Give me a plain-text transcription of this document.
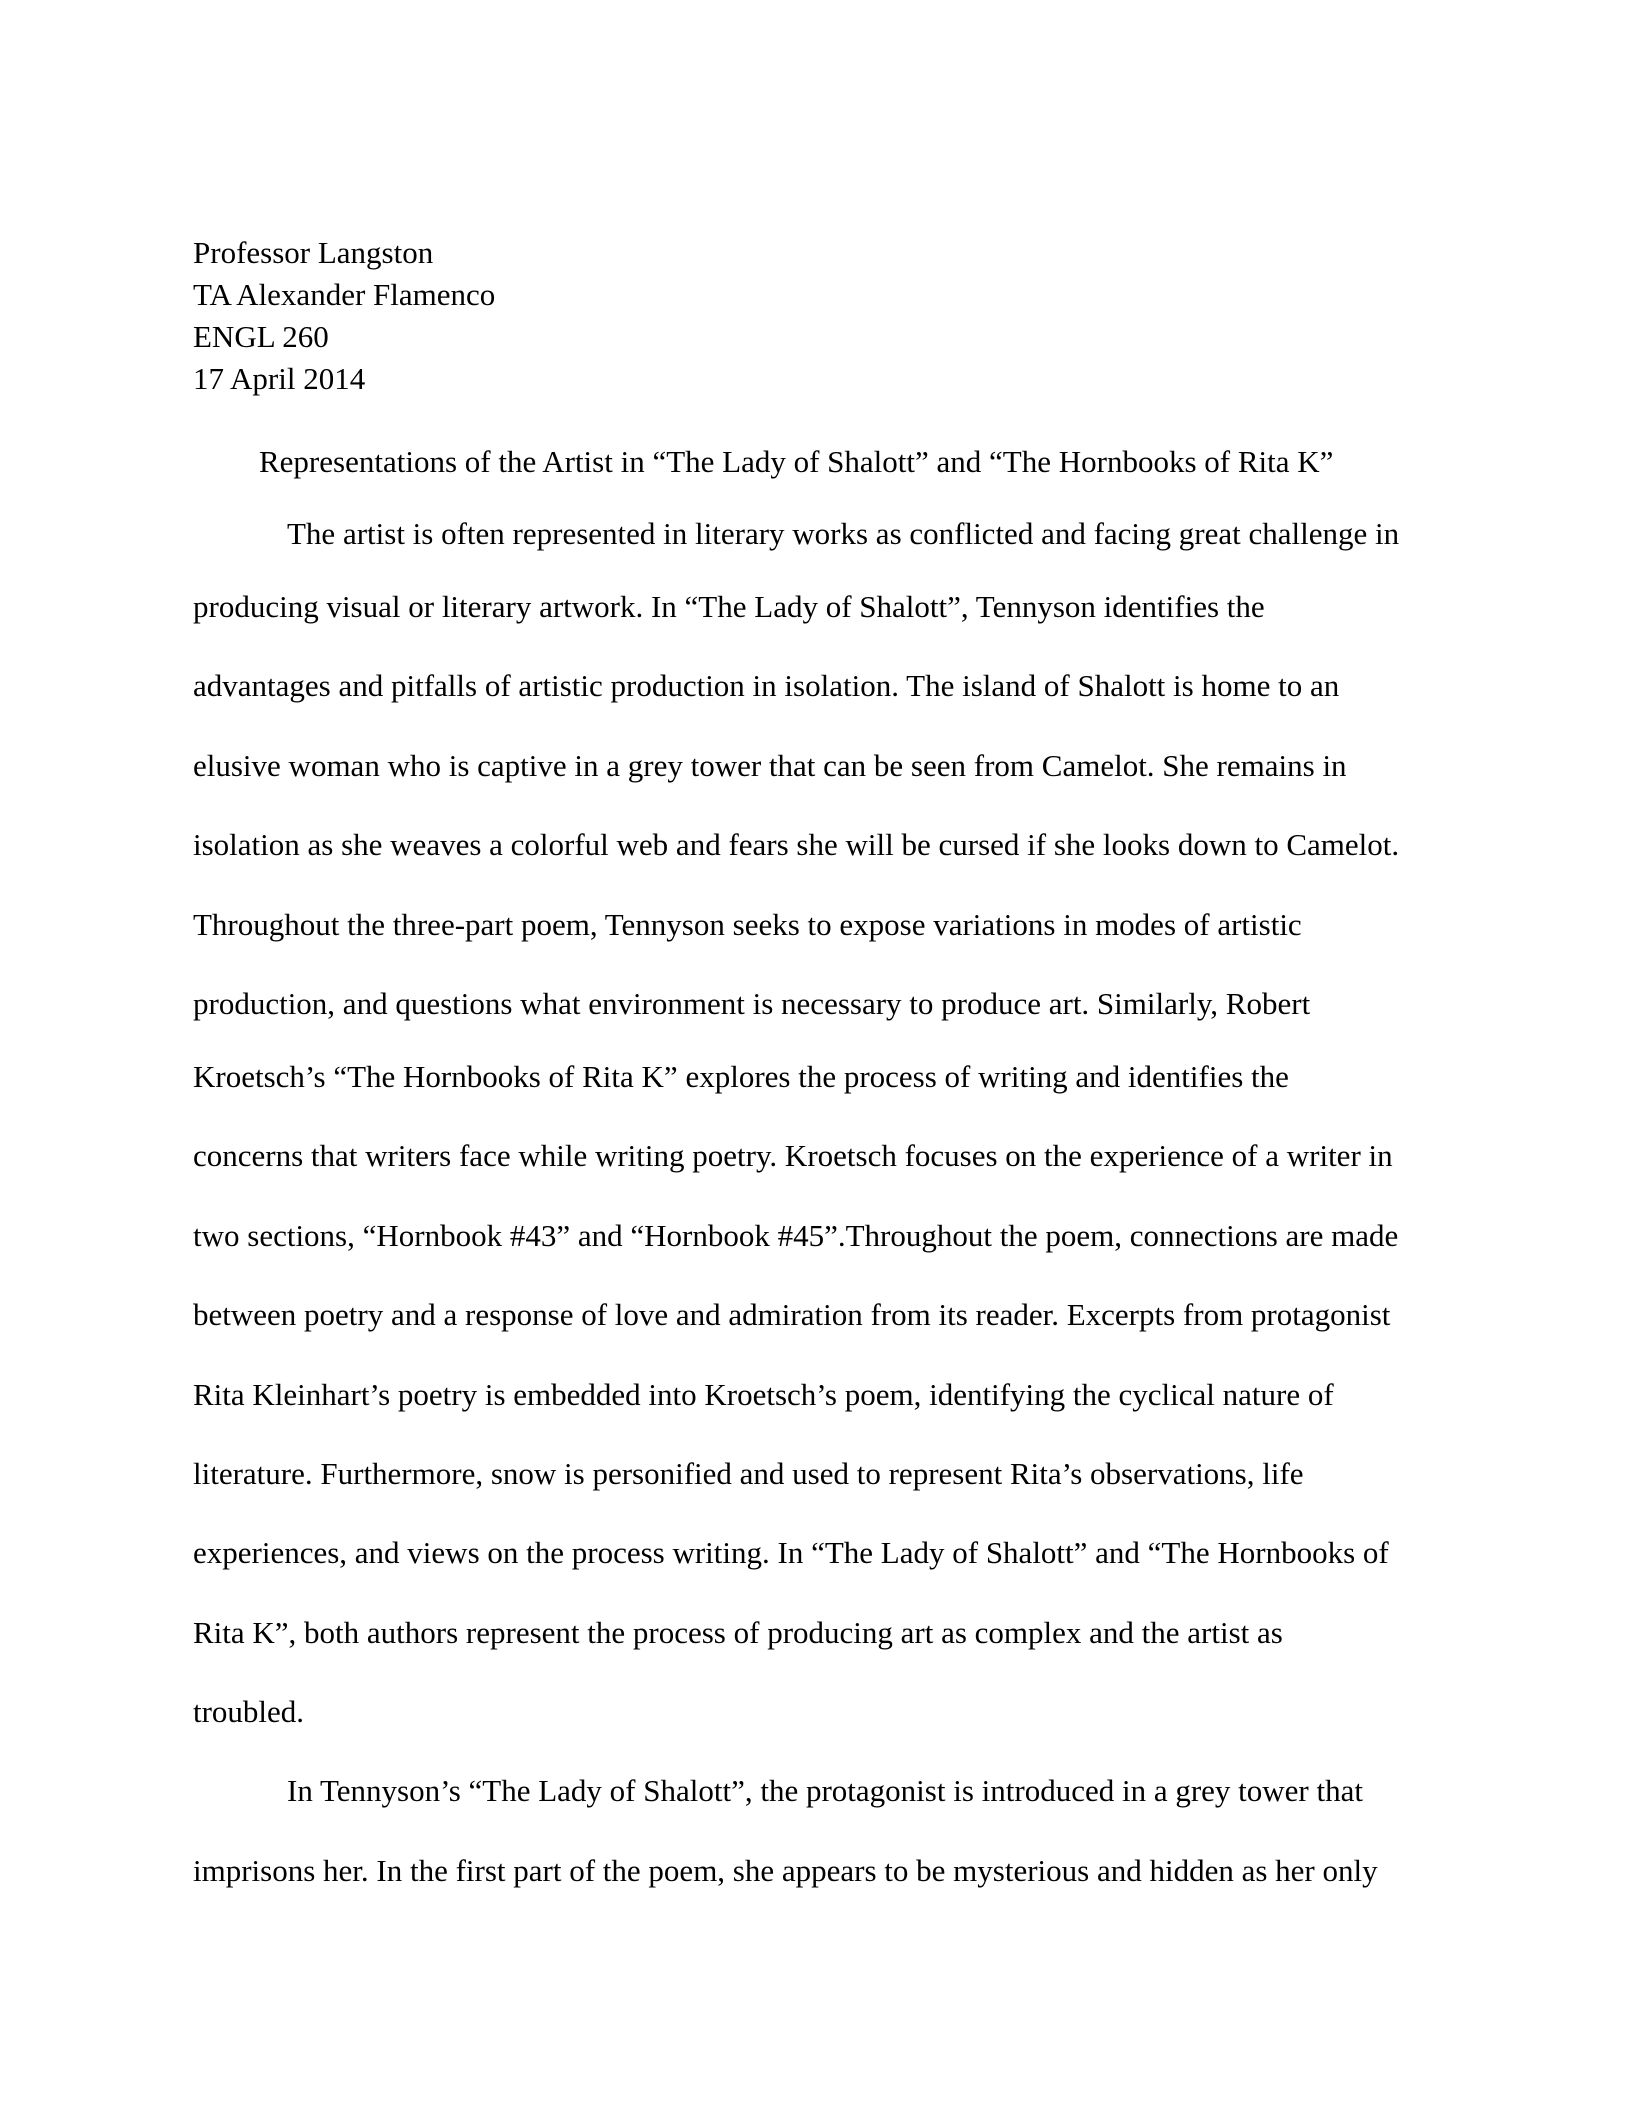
Professor Langston
TA Alexander Flamenco
ENGL 260
17 April 2014
Representations of the Artist in “The Lady of Shalott” and “The Hornbooks of Rita K”
The artist is often represented in literary works as conflicted and facing great challenge in
producing visual or literary artwork. In “The Lady of Shalott”, Tennyson identifies the
advantages and pitfalls of artistic production in isolation. The island of Shalott is home to an
elusive woman who is captive in a grey tower that can be seen from Camelot. She remains in
isolation as she weaves a colorful web and fears she will be cursed if she looks down to Camelot.
Throughout the three-part poem, Tennyson seeks to expose variations in modes of artistic
production, and questions what environment is necessary to produce art. Similarly, Robert
Kroetsch’s “The Hornbooks of Rita K” explores the process of writing and identifies the
concerns that writers face while writing poetry. Kroetsch focuses on the experience of a writer in
two sections, “Hornbook #43” and “Hornbook #45”.Throughout the poem, connections are made
between poetry and a response of love and admiration from its reader. Excerpts from protagonist
Rita Kleinhart’s poetry is embedded into Kroetsch’s poem, identifying the cyclical nature of
literature. Furthermore, snow is personified and used to represent Rita’s observations, life
experiences, and views on the process writing. In “The Lady of Shalott” and “The Hornbooks of
Rita K”, both authors represent the process of producing art as complex and the artist as
troubled.
In Tennyson’s “The Lady of Shalott”, the protagonist is introduced in a grey tower that
imprisons her. In the first part of the poem, she appears to be mysterious and hidden as her only
